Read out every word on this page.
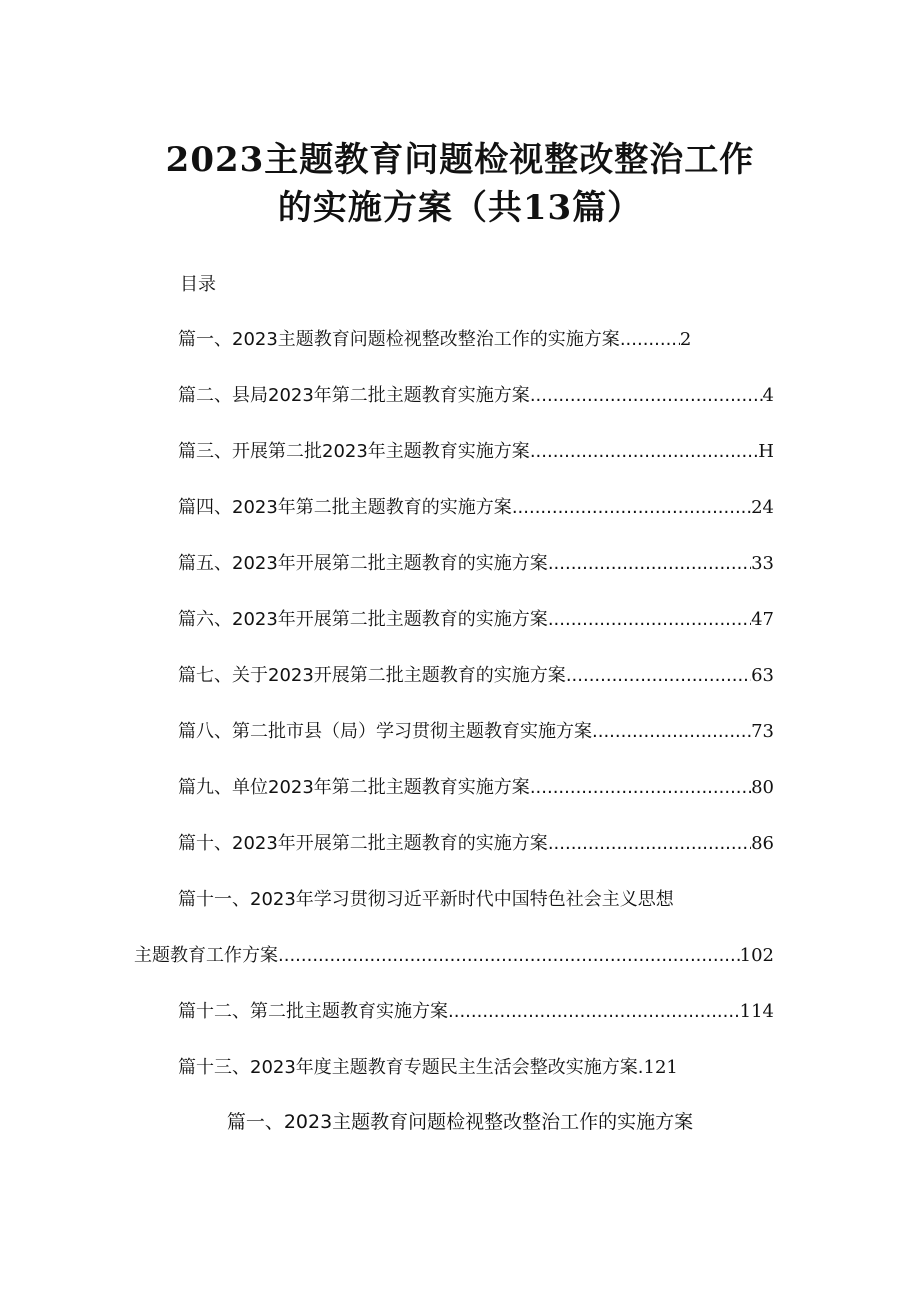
2023主题教育问题检视整改整治工作
的实施方案（共13篇）
目录
篇一、2023主题教育问题检视整改整治工作的实施方案 .....	2
篇二、县局2023年第二批主题教育实施方案 .....	4
篇三、开展第二批2023年主题教育实施方案 .....	H
篇四、2023年第二批主题教育的实施方案 .....	24
篇五、2023年开展第二批主题教育的实施方案 .....	33
篇六、2023年开展第二批主题教育的实施方案 .....	47
篇七、关于2023开展第二批主题教育的实施方案 .....	63
篇八、第二批市县（局）学习贯彻主题教育实施方案 .....	73
篇九、单位2023年第二批主题教育实施方案 .....	80
篇十、2023年开展第二批主题教育的实施方案 .....	86
篇十一、2023年学习贯彻习近平新时代中国特色社会主义思想
主题教育工作方案 .....	102
篇十二、第二批主题教育实施方案 .....	114
篇十三、2023年度主题教育专题民主生活会整改实施方案. 121
篇一、2023主题教育问题检视整改整治工作的实施方案
